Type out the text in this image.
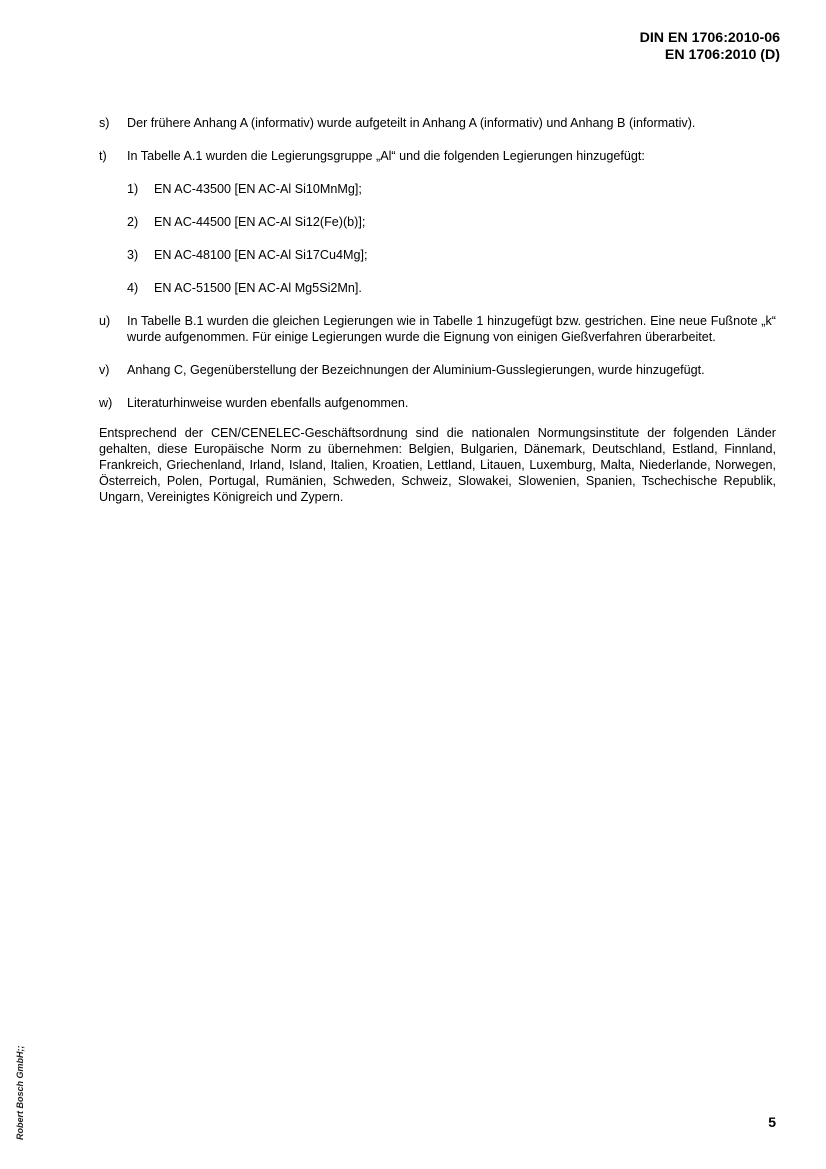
DIN EN 1706:2010-06
EN 1706:2010 (D)
s)	Der frühere Anhang A (informativ) wurde aufgeteilt in Anhang A (informativ) und Anhang B (informativ).
t)	In Tabelle A.1 wurden die Legierungsgruppe „Al“ und die folgenden Legierungen hinzugefügt:
1)	EN AC-43500 [EN AC-Al Si10MnMg];
2)	EN AC-44500 [EN AC-Al Si12(Fe)(b)];
3)	EN AC-48100 [EN AC-Al Si17Cu4Mg];
4)	EN AC-51500 [EN AC-Al Mg5Si2Mn].
u)	In Tabelle B.1 wurden die gleichen Legierungen wie in Tabelle 1 hinzugefügt bzw. gestrichen. Eine neue Fußnote „k“ wurde aufgenommen. Für einige Legierungen wurde die Eignung von einigen Gießverfahren überarbeitet.
v)	Anhang C, Gegenüberstellung der Bezeichnungen der Aluminium-Gusslegierungen, wurde hinzugefügt.
w)	Literaturhinweise wurden ebenfalls aufgenommen.
Entsprechend der CEN/CENELEC-Geschäftsordnung sind die nationalen Normungsinstitute der folgenden Länder gehalten, diese Europäische Norm zu übernehmen: Belgien, Bulgarien, Dänemark, Deutschland, Estland, Finnland, Frankreich, Griechenland, Irland, Island, Italien, Kroatien, Lettland, Litauen, Luxemburg, Malta, Niederlande, Norwegen, Österreich, Polen, Portugal, Rumänien, Schweden, Schweiz, Slowakei, Slowenien, Spanien, Tschechische Republik, Ungarn, Vereinigtes Königreich und Zypern.
Robert Bosch GmbH;;	5
